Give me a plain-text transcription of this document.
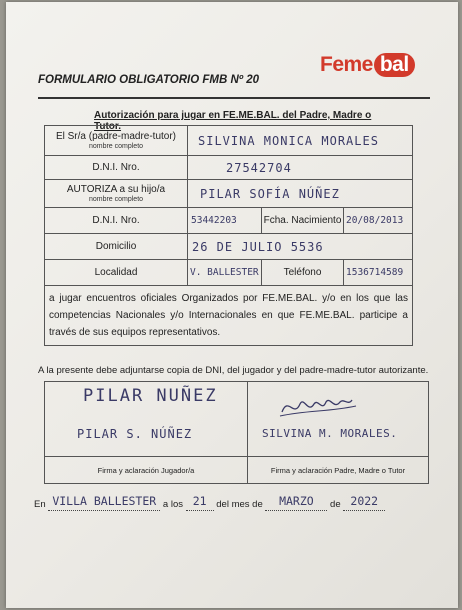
Feme bal
FORMULARIO OBLIGATORIO FMB Nº 20
Autorización para jugar en FE.ME.BAL. del Padre, Madre o Tutor.
El Sr/a (padre-madre-tutor)
nombre completo	SILVINA MONICA MORALES		
D.N.I. Nro.	27542704		
AUTORIZA a su hijo/a
nombre completo	PILAR SOFÍA NÚÑEZ		
D.N.I. Nro.	53442203	Fcha. Nacimiento	20/08/2013
Domicilio	26 DE JULIO 5536		
Localidad	V. BALLESTER	Teléfono	1536714589
a jugar encuentros oficiales Organizados por FE.ME.BAL. y/o en los que las competencias Nacionales y/o Internacionales en que FE.ME.BAL. participe a través de sus equipos representativos.			
A la presente debe adjuntarse copia de DNI, del jugador y del padre-madre-tutor autorizante.
PILAR NUÑEZ
PILAR S. NÚÑEZ	SILVINA M. MORALES.

Firma y aclaración Jugador/a	Firma y aclaración Padre, Madre o Tutor
En VILLA BALLESTER a los 21 del mes de MARZO de 2022
